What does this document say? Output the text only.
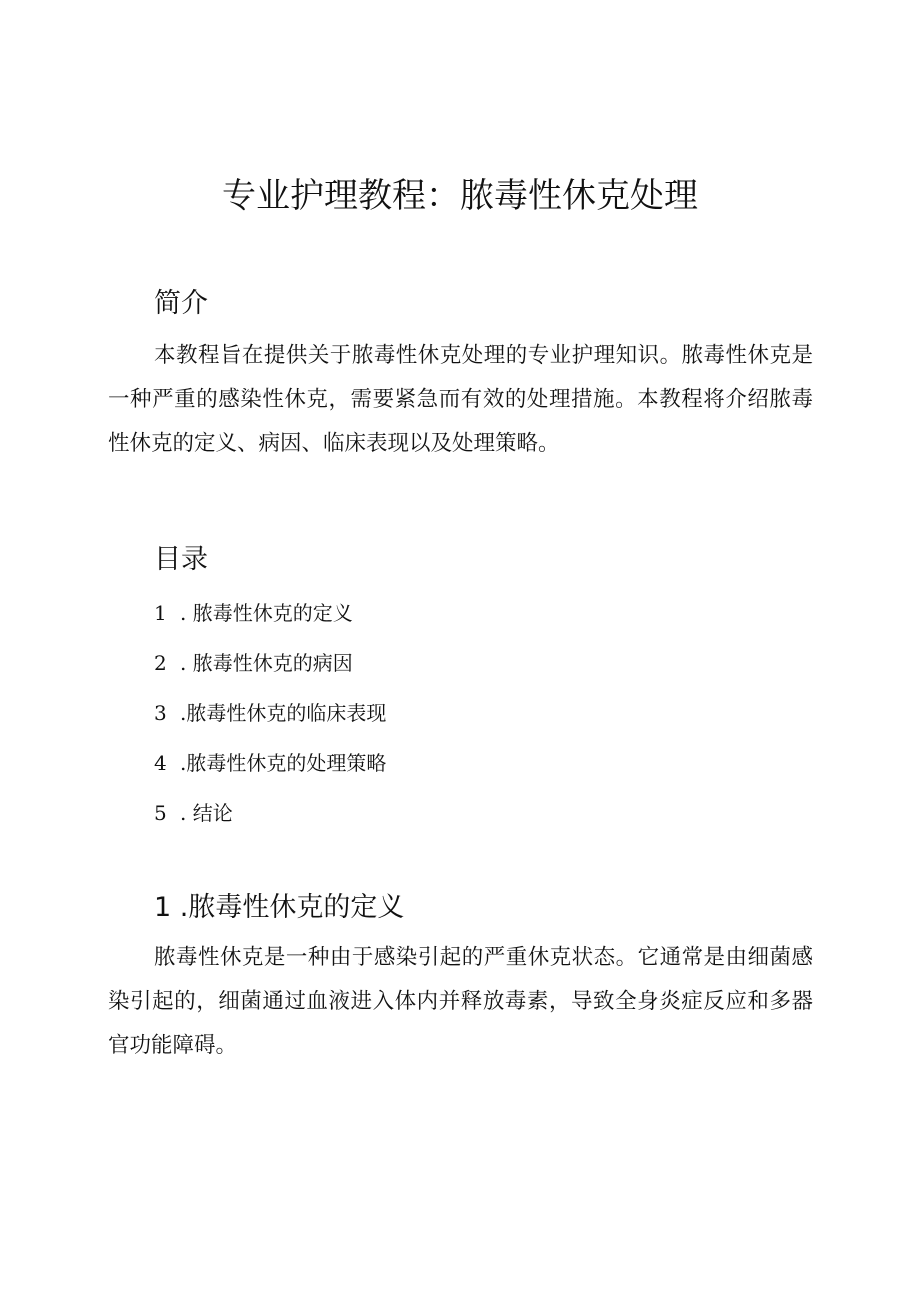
专业护理教程：脓毒性休克处理
简介

本教程旨在提供关于脓毒性休克处理的专业护理知识。脓毒性休克是一种严重的感染性休克，需要紧急而有效的处理措施。本教程将介绍脓毒性休克的定义、病因、临床表现以及处理策略。

目录
1 . 脓毒性休克的定义
2 . 脓毒性休克的病因
3 .脓毒性休克的临床表现
4 .脓毒性休克的处理策略
5 . 结论
1 .脓毒性休克的定义

脓毒性休克是一种由于感染引起的严重休克状态。它通常是由细菌感染引起的，细菌通过血液进入体内并释放毒素，导致全身炎症反应和多器官功能障碍。
